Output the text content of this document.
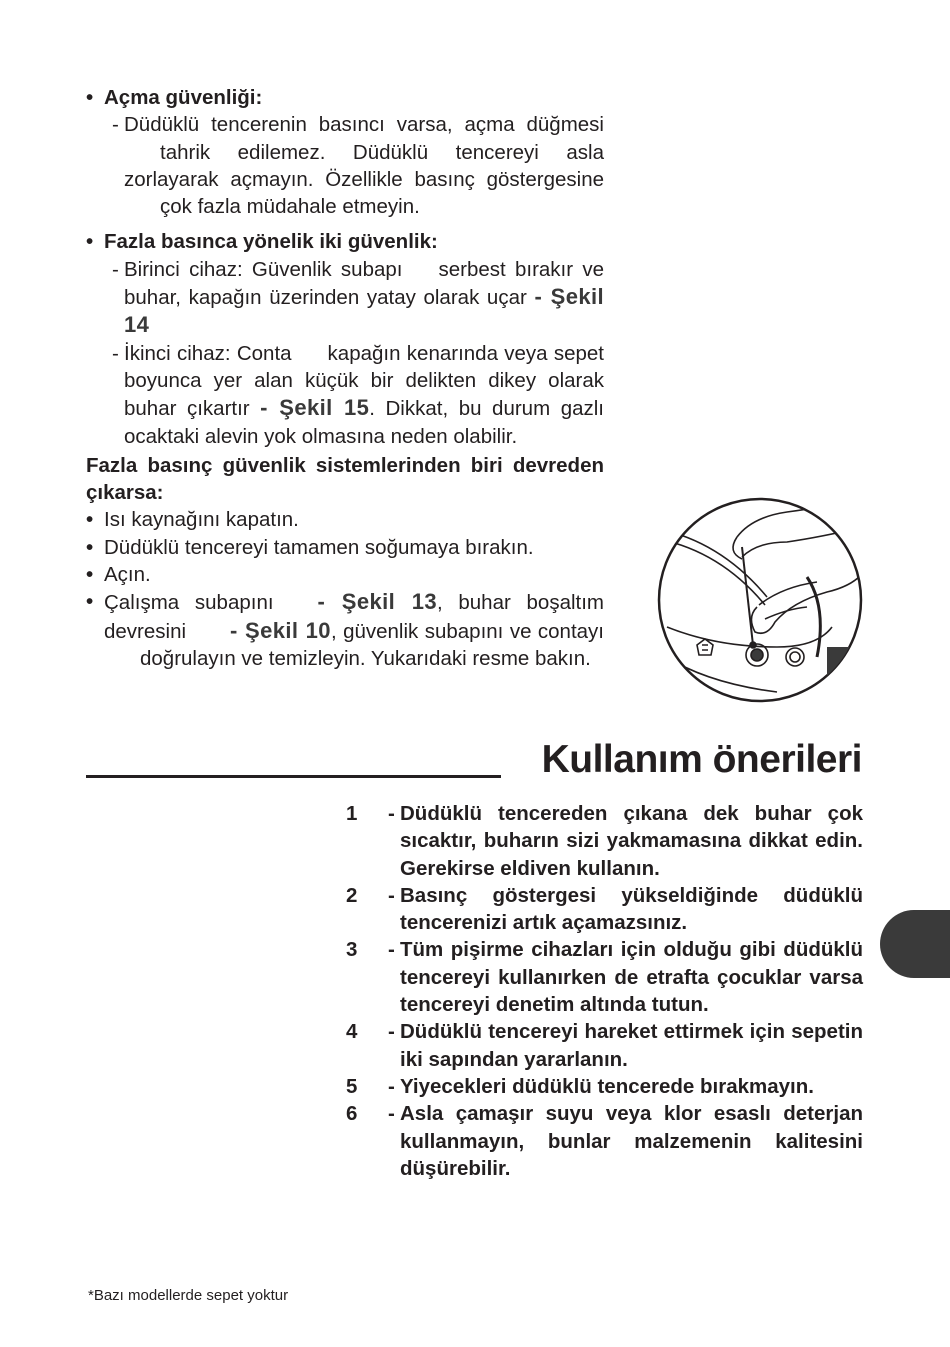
• Açma güvenliği:

- Düdüklü tencerenin basıncı varsa, açma düğmesitahrik edilemez. Düdüklü tencereyi asla zorlayarak açmayın. Özellikle basınç göstergesineçok fazla müdahale etmeyin.

• Fazla basınca yönelik iki güvenlik:

- Birinci cihaz: Güvenlik subapı serbest bırakır ve buhar, kapağın üzerinden yatay olarak uçar - Şekil 14
- İkinci cihaz: Conta kapağın kenarında veya sepet boyunca yer alan küçük bir delikten dikey olarak buhar çıkartır - Şekil 15. Dikkat, bu durum gazlı ocaktaki alevin yok olmasına neden olabilir.
Fazla basınç güvenlik sistemlerinden biri devreden çıkarsa:
• Isı kaynağını kapatın.
• Düdüklü tencereyi tamamen soğumaya bırakın.
• Açın.
• Çalışma subapını - Şekil 13, buhar boşaltım devresini - Şekil 10, güvenlik subapını ve contayıdoğrulayın ve temizleyin. Yukarıdaki resme bakın.
Kullanım önerileri
1 - Düdüklü tencereden çıkana dek buhar çok sıcaktır, buharın sizi yakmamasına dikkat edin. Gerekirse eldiven kullanın.
2 - Basınç göstergesi yükseldiğinde düdüklü tencerenizi artık açamazsınız.
3 - Tüm pişirme cihazları için olduğu gibi düdüklü tencereyi kullanırken de etrafta çocuklar varsa tencereyi denetim altında tutun.
4 - Düdüklü tencereyi hareket ettirmek için sepetin iki sapından yararlanın.
5 - Yiyecekleri düdüklü tencerede bırakmayın.
6 - Asla çamaşır suyu veya klor esaslı deterjan kullanmayın, bunlar malzemenin kalitesini düşürebilir.
*Bazı modellerde sepet yoktur
